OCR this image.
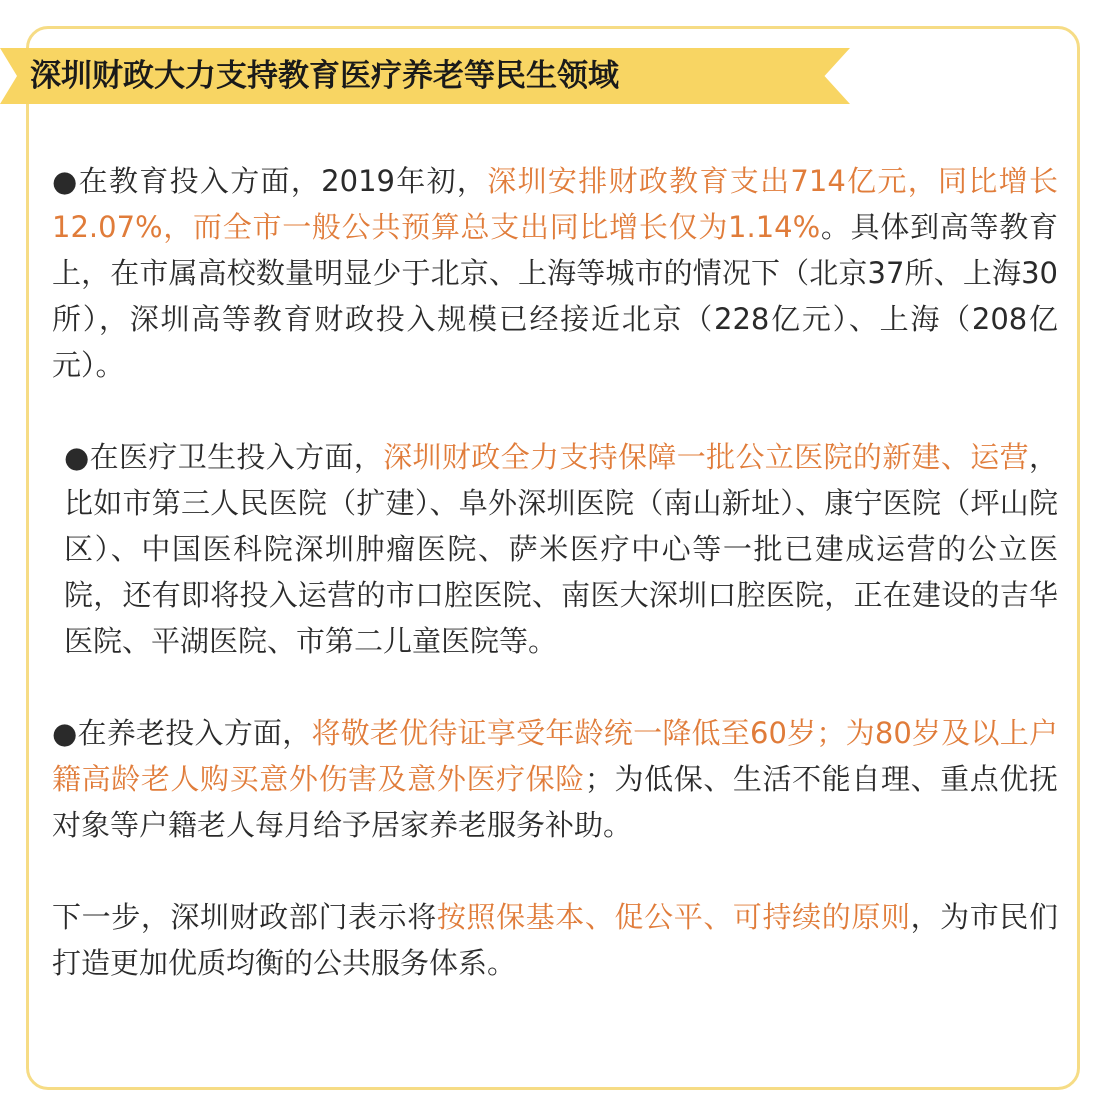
深圳财政大力支持教育医疗养老等民生领域

●在教育投入方面，2019年初，深圳安排财政教育支出714亿元，同比增长12.07%，而全市一般公共预算总支出同比增长仅为1.14%。具体到高等教育上，在市属高校数量明显少于北京、上海等城市的情况下（北京37所、上海30所），深圳高等教育财政投入规模已经接近北京（228亿元）、上海（208亿元）。

●在医疗卫生投入方面，深圳财政全力支持保障一批公立医院的新建、运营，比如市第三人民医院（扩建）、阜外深圳医院（南山新址）、康宁医院（坪山院区）、中国医科院深圳肿瘤医院、萨米医疗中心等一批已建成运营的公立医院，还有即将投入运营的市口腔医院、南医大深圳口腔医院，正在建设的吉华医院、平湖医院、市第二儿童医院等。

●在养老投入方面，将敬老优待证享受年龄统一降低至60岁；为80岁及以上户籍高龄老人购买意外伤害及意外医疗保险；为低保、生活不能自理、重点优抚对象等户籍老人每月给予居家养老服务补助。

下一步，深圳财政部门表示将按照保基本、促公平、可持续的原则，为市民们打造更加优质均衡的公共服务体系。
